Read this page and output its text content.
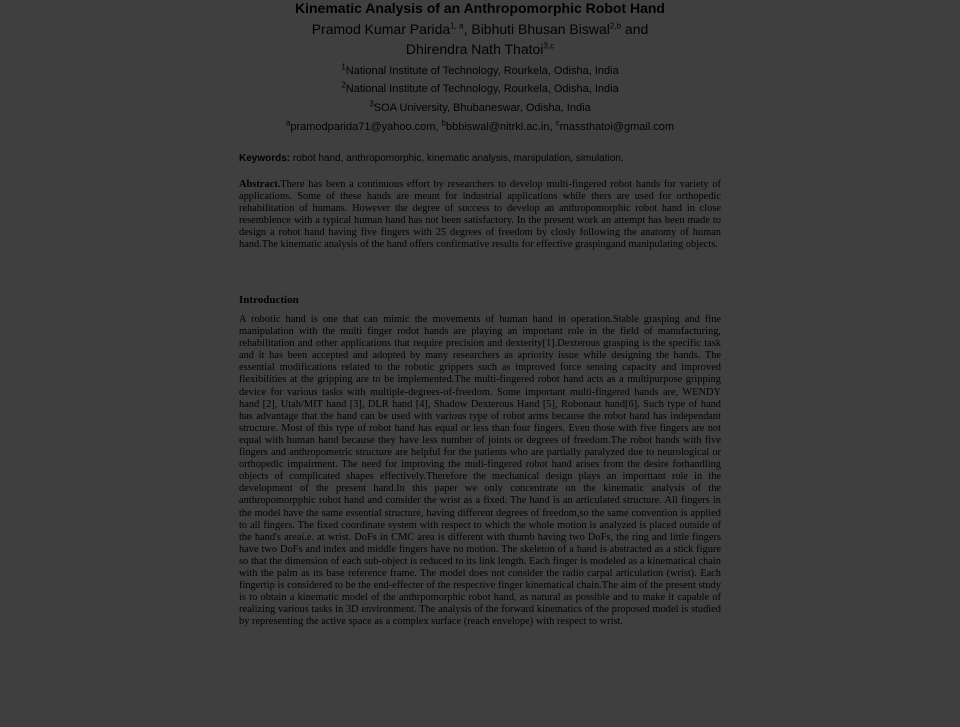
Kinematic Analysis of an Anthropomorphic Robot Hand
Pramod Kumar Parida$^{1, a}$, Bibhuti Bhusan Biswal$^{2,b}$ and
Dhirendra Nath Thatoi$^{3,c}$
$^1$National Institute of Technology, Rourkela, Odisha, India
$^2$National Institute of Technology, Rourkela, Odisha, India
$^3$SOA University, Bhubaneswar, Odisha, India
$^a$pramodparida71@yahoo.com, $^b$bbbiswal@nitrkl.ac.in, $^c$massthatoi@gmail.com
Keywords: robot hand, anthropomorphic, kinematic analysis, manipulation, simulation.
Abstract.There has been a continuous effort by researchers to develop multi-fingered robot hands for variety of applications. Some of these hands are meant for industrial applications while thers are used for orthopedic rehabilitation of humans. However the degree of success to develop an anthropomorphic robot hand in close resemblence with a typical human hand has not been satisfactory. In the present work an attempt has been made to design a robot hand having five fingers with 25 degrees of freedom by closly following the anatomy of human hand.The kinematic analysis of the hand offers confirmative results for effective graspingand manipulating objects.
Introduction
A robotic hand is one that can mimic the movements of human hand in operation.Stable grasping and fine manipulation with the multi finger rodot hands are playing an important role in the field of manufacturing, rehabilitation and other applications that require precision and dexterity[1].Dexterous grasping is the specific task and it has been accepted and adopted by many researchers as apriority issue while designing the hands. The essential modifications related to the robotic grippers such as improved force sensing capacity and improved flexibilities at the gripping are to be implemented.The multi-fingered robot hand acts as a multipurpose gripping device for various tasks with multiple-degrees-of-freedom. Some important multi-fingered hands are, WENDY hand [2], Utah/MIT hand [3], DLR hand [4], Shadow Dexterous Hand [5], Robonaut hand[6]. Such type of hand has advantage that the hand can be used with various type of robot arms because the robot hand has independant structure. Most of this type of robot hand has equal or less than four fingers. Even those with five fingers are not equal with human hand because they have less number of joints or degrees of freedom.The robot hands with five fingers and anthropometric structure are helpful for the patients who are partially paralyzed due to neurological or orthopedic impairment. The need for improving the muli-fingered robot hand arises from the desire forhandling objects of complicated shapes effectively.Therefore the mechanical design plays an importtant role in the development of the present hand.In this paper we only concentrate on the kinematic analysis of the anthropomorpphic robot hand and consider the wrist as a fixed. The hand is an articulated structure. All fingers in the model have the same essential structure, having different degrees of freedom,so the same convention is applied to all fingers. The fixed coordinate system with respect to which the whole motion is analyzed is placed outside of the hand's areai.e. at wrist. DoFs in CMC area is different with thumb having two DoFs, the ring and little fingers have two DoFs and index and middle fingers have no motion. The skeleton of a hand is abstracted as a stick figure so that the dimension of each sub-object is reduced to its link length. Each finger is modeled as a kinematical chain with the palm as its base reference frame. The model does not consider the radio carpal articulation (wrist). Each fingertip is considered to be the end-effecter of the respective finger kinematical chain.The aim of the present study is to obtain a kinematic model of the anthrpomorphic robot hand, as natural as possible and to make it capable of realizing various tasks in 3D environment. The analysis of the forward kinematics of the proposed model is studied by representing the active space as a complex surface (reach envelope) with respect to wrist.
